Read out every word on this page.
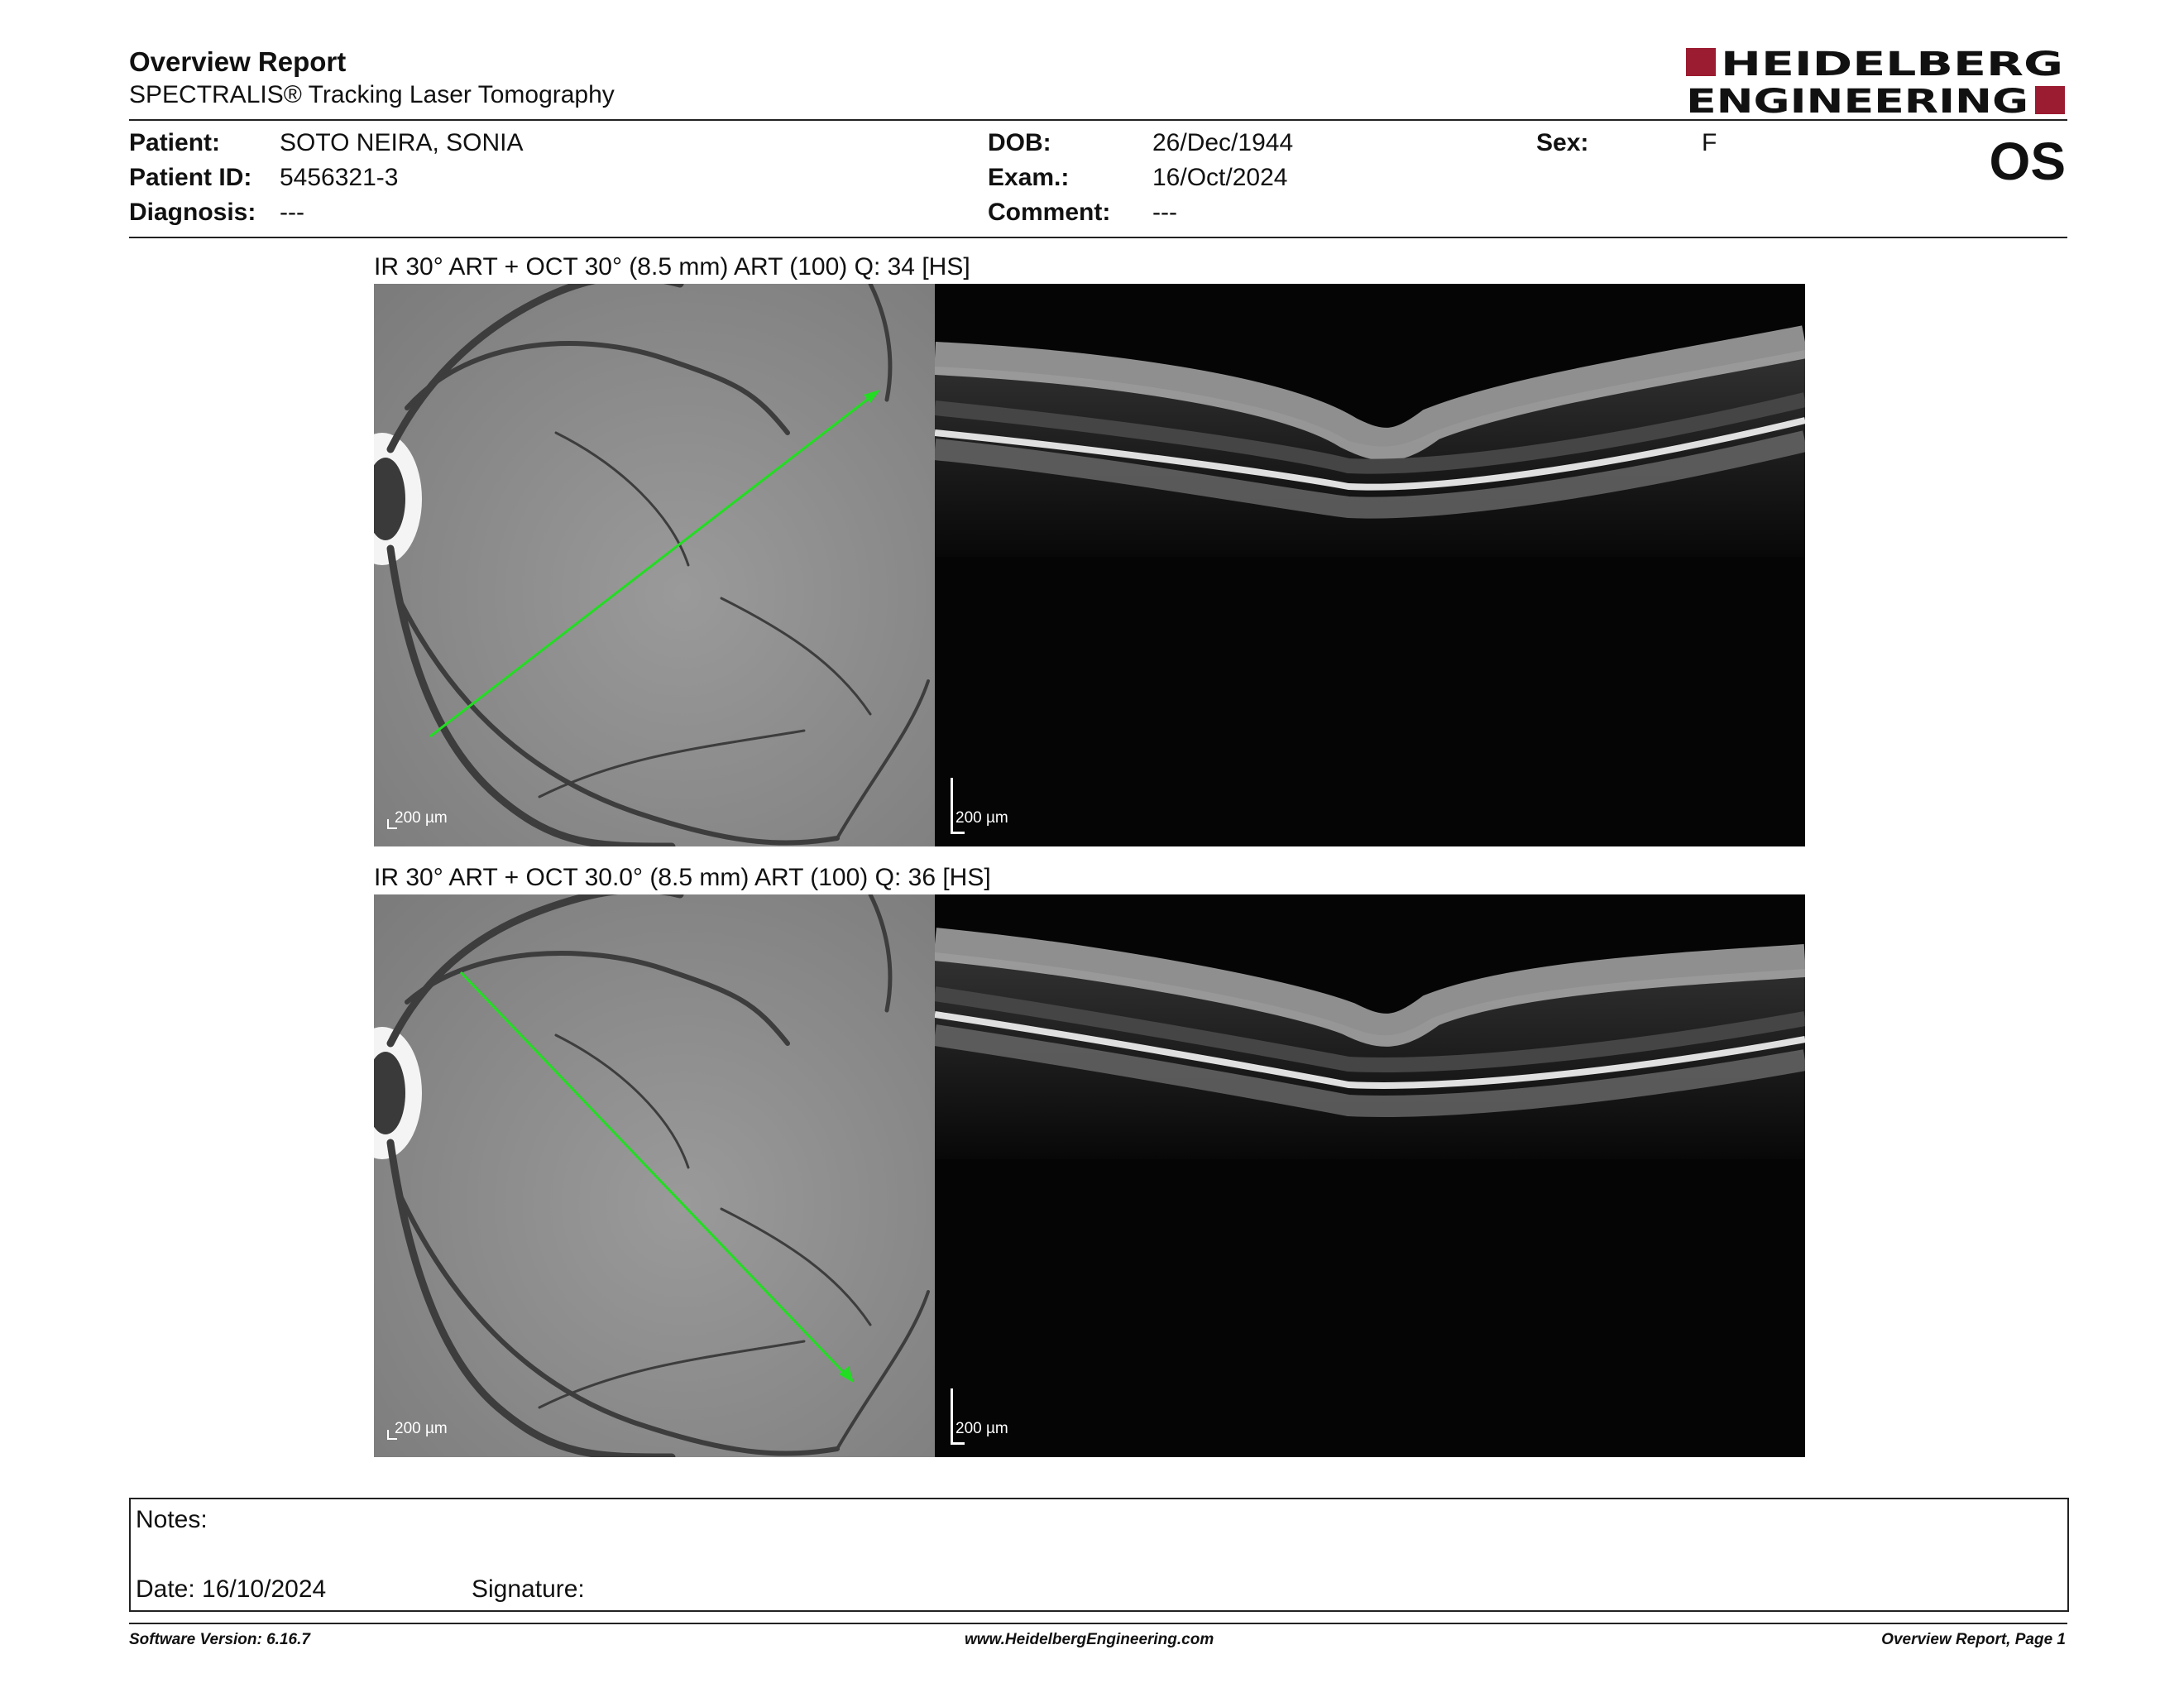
Overview Report
SPECTRALIS® Tracking Laser Tomography
HEIDELBERG
ENGINEERING
Patient: SOTO NEIRA, SONIA
Patient ID: 5456321-3
Diagnosis: ---
DOB:	26/Dec/1944
Exam.:	16/Oct/2024
Comment: ---
Sex:	F	OS
IR 30° ART + OCT 30° (8.5 mm) ART (100) Q: 34 [HS]
200 µm	200 µm
IR 30° ART + OCT 30.0° (8.5 mm) ART (100) Q: 36 [HS]
200 µm	200 µm
Notes:
Date: 16/10/2024	Signature:
Software Version: 6.16.7	www.HeidelbergEngineering.com	Overview Report, Page 1
